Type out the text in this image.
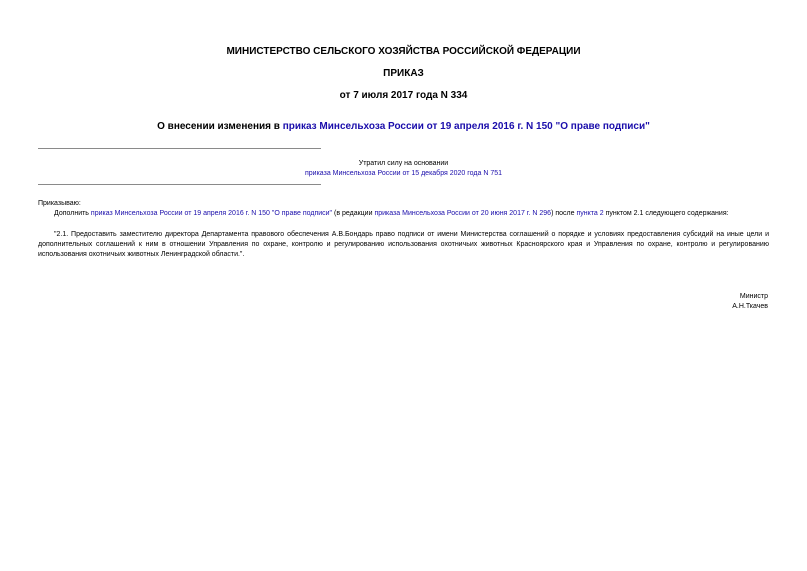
МИНИСТЕРСТВО СЕЛЬСКОГО ХОЗЯЙСТВА РОССИЙСКОЙ ФЕДЕРАЦИИ
ПРИКАЗ
от 7 июля 2017 года N 334
О внесении изменения в приказ Минсельхоза России от 19 апреля 2016 г. N 150 "О праве подписи"
Утратил силу на основании
приказа Минсельхоза России от 15 декабря 2020 года N 751
Приказываю:
Дополнить приказ Минсельхоза России от 19 апреля 2016 г. N 150 "О праве подписи" (в редакции приказа Минсельхоза России от 20 июня 2017 г. N 296) после пункта 2 пунктом 2.1 следующего содержания:
"2.1. Предоставить заместителю директора Департамента правового обеспечения А.В.Бондарь право подписи от имени Министерства соглашений о порядке и условиях предоставления субсидий на иные цели и дополнительных соглашений к ним в отношении Управления по охране, контролю и регулированию использования охотничьих животных Красноярского края и Управления по охране, контролю и регулированию использования охотничьих животных Ленинградской области.".
Министр
А.Н.Ткачев
